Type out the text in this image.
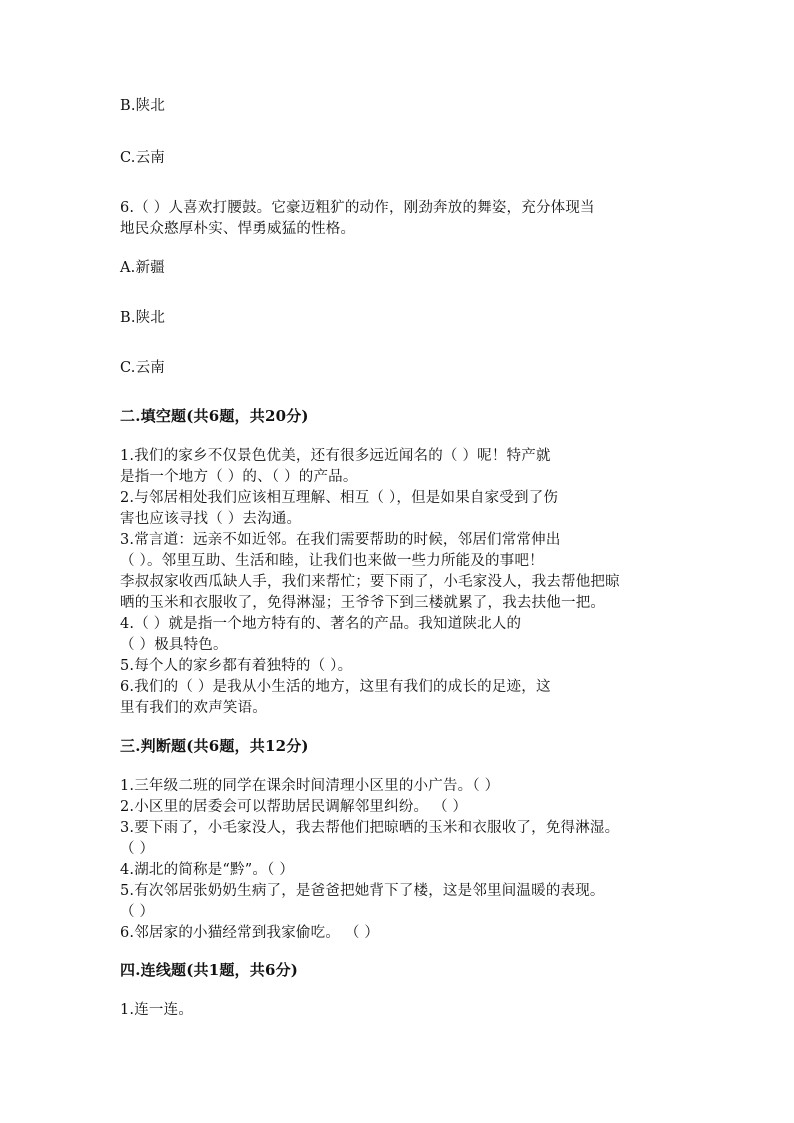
B.陕北
C.云南
6.（ ）人喜欢打腰鼓。它豪迈粗犷的动作，刚劲奔放的舞姿，充分体现当
地民众憨厚朴实、悍勇威猛的性格。
A.新疆
B.陕北
C.云南
二.填空题(共6题，共20分)
1.我们的家乡不仅景色优美，还有很多远近闻名的（ ）呢！特产就
是指一个地方（ ）的、（ ）的产品。
2.与邻居相处我们应该相互理解、相互（ ），但是如果自家受到了伤
害也应该寻找（ ）去沟通。
3.常言道：远亲不如近邻。在我们需要帮助的时候，邻居们常常伸出
（ ）。邻里互助、生活和睦，让我们也来做一些力所能及的事吧！
李叔叔家收西瓜缺人手，我们来帮忙；要下雨了，小毛家没人，我去帮他把晾
晒的玉米和衣服收了，免得淋湿；王爷爷下到三楼就累了，我去扶他一把。
4.（ ）就是指一个地方特有的、著名的产品。我知道陕北人的
（ ）极具特色。
5.每个人的家乡都有着独特的（ ）。
6.我们的（ ）是我从小生活的地方，这里有我们的成长的足迹，这
里有我们的欢声笑语。
三.判断题(共6题，共12分)
1.三年级二班的同学在课余时间清理小区里的小广告。（ ）
2.小区里的居委会可以帮助居民调解邻里纠纷。 （ ）
3.要下雨了，小毛家没人，我去帮他们把晾晒的玉米和衣服收了，免得淋湿。
（ ）
4.湖北的简称是“黔”。（ ）
5.有次邻居张奶奶生病了，是爸爸把她背下了楼，这是邻里间温暖的表现。
（ ）
6.邻居家的小猫经常到我家偷吃。 （ ）
四.连线题(共1题，共6分)
1.连一连。
